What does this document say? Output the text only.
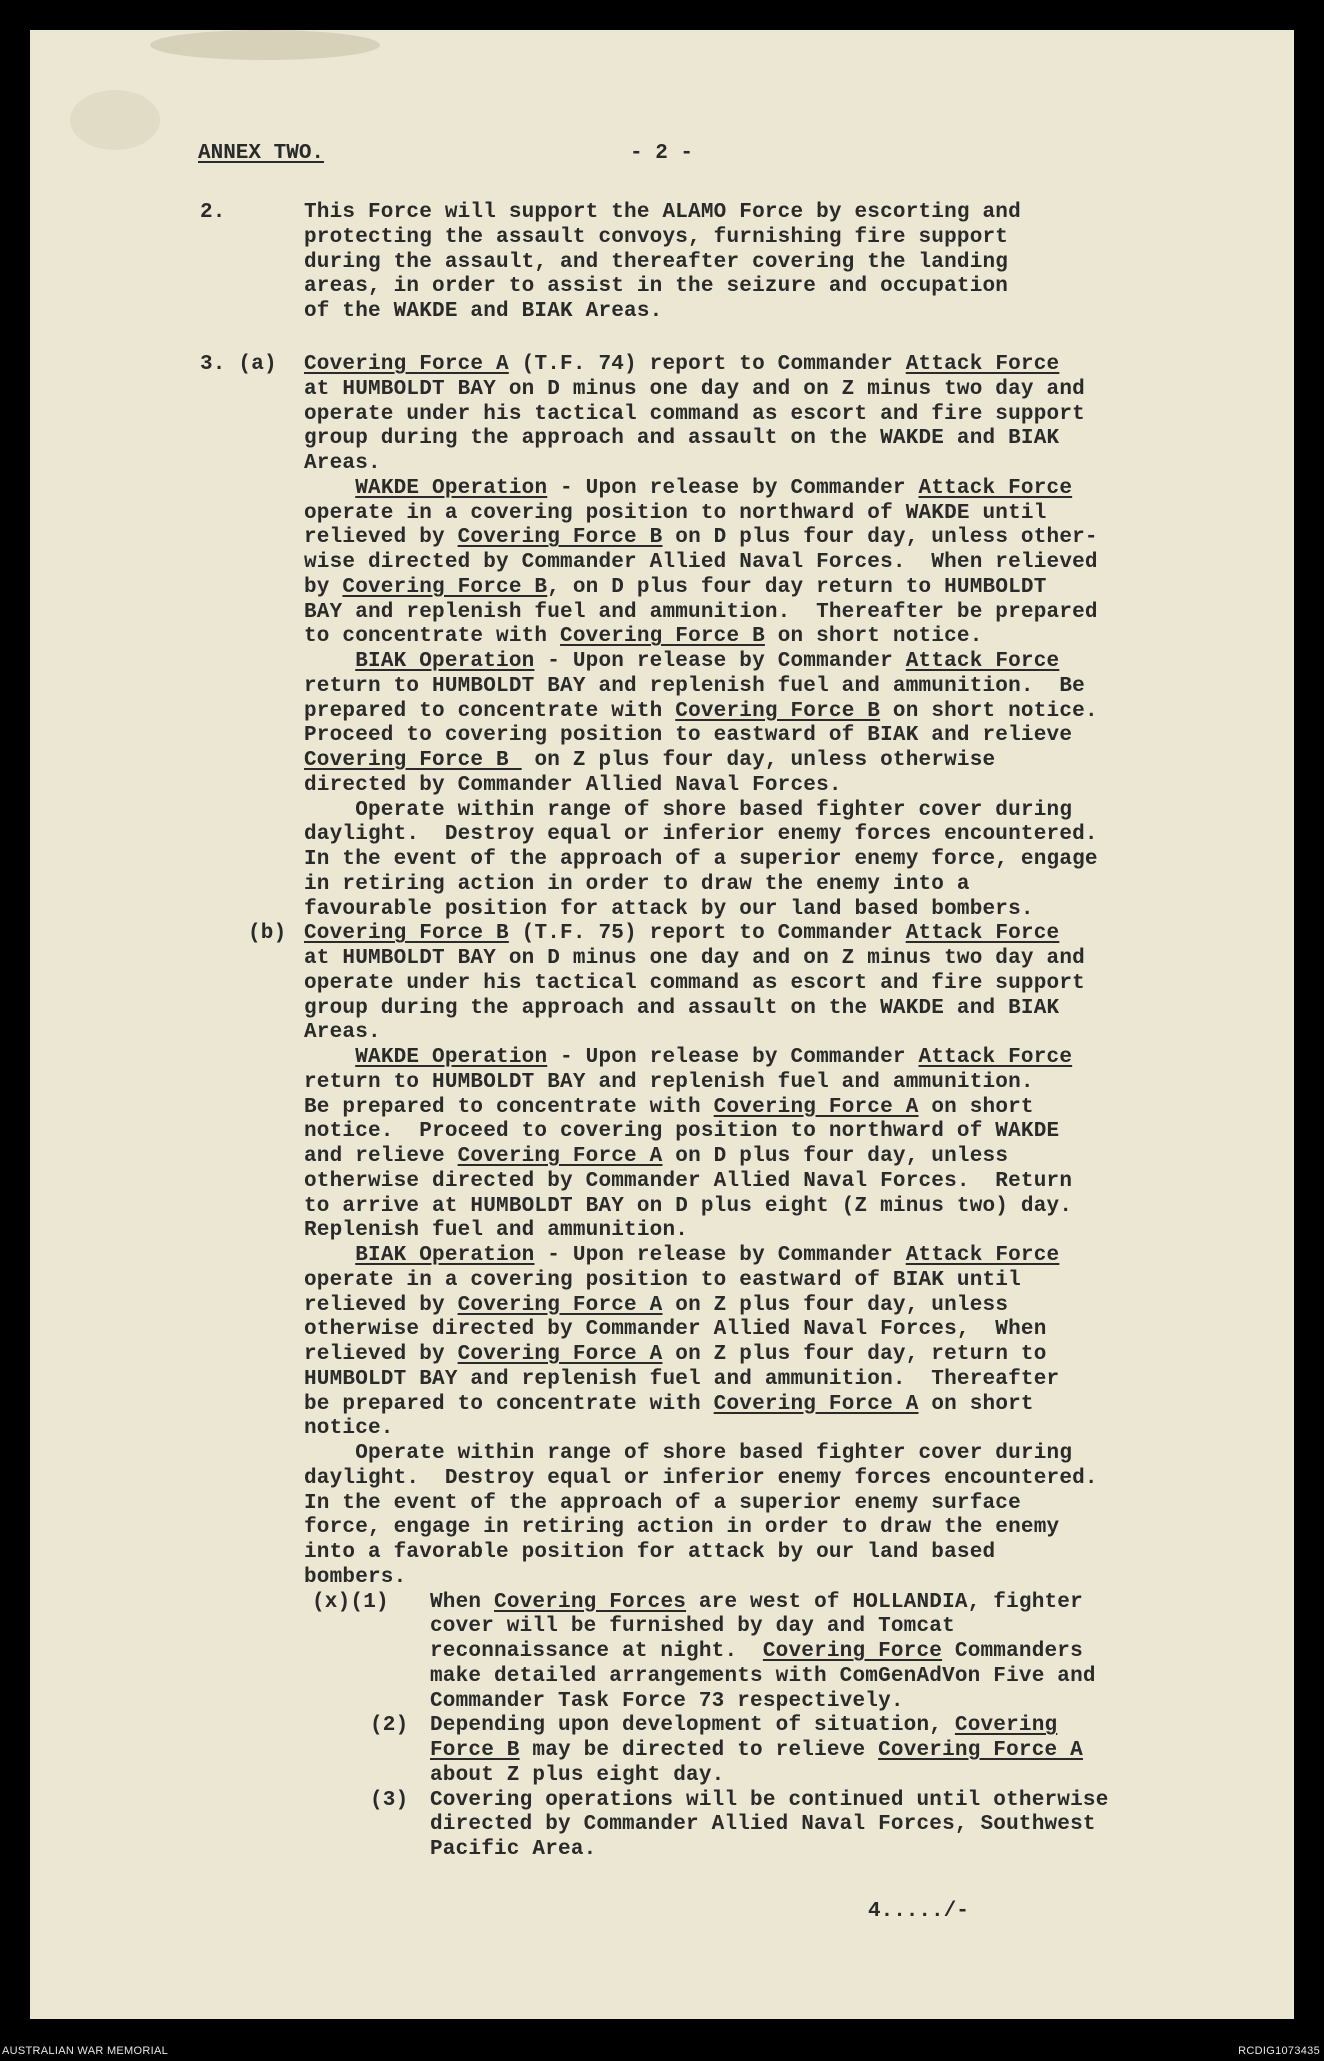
ANNEX TWO.	- 2 -
2.	This Force will support the ALAMO Force by escorting and
protecting the assault convoys, furnishing fire support
during the assault, and thereafter covering the landing
areas, in order to assist in the seizure and occupation
of the WAKDE and BIAK Areas.
3. (a) Covering Force A (T.F. 74) report to Commander Attack Force
at HUMBOLDT BAY on D minus one day and on Z minus two day and
operate under his tactical command as escort and fire support
group during the approach and assault on the WAKDE and BIAK
Areas.
WAKDE Operation - Upon release by Commander Attack Force
operate in a covering position to northward of WAKDE until
relieved by Covering Force B on D plus four day, unless other-
wise directed by Commander Allied Naval Forces.  When relieved
by Covering Force B, on D plus four day return to HUMBOLDT
BAY and replenish fuel and ammunition.  Thereafter be prepared
to concentrate with Covering Force B on short notice.
BIAK Operation - Upon release by Commander Attack Force
return to HUMBOLDT BAY and replenish fuel and ammunition.  Be
prepared to concentrate with Covering Force B on short notice.
Proceed to covering position to eastward of BIAK and relieve
Covering Force B  on Z plus four day, unless otherwise
directed by Commander Allied Naval Forces.
Operate within range of shore based fighter cover during
daylight.  Destroy equal or inferior enemy forces encountered.
In the event of the approach of a superior enemy force, engage
in retiring action in order to draw the enemy into a
favourable position for attack by our land based bombers.
(b) Covering Force B (T.F. 75) report to Commander Attack Force
at HUMBOLDT BAY on D minus one day and on Z minus two day and
operate under his tactical command as escort and fire support
group during the approach and assault on the WAKDE and BIAK
Areas.
WAKDE Operation - Upon release by Commander Attack Force
return to HUMBOLDT BAY and replenish fuel and ammunition.
Be prepared to concentrate with Covering Force A on short
notice.  Proceed to covering position to northward of WAKDE
and relieve Covering Force A on D plus four day, unless
otherwise directed by Commander Allied Naval Forces.  Return
to arrive at HUMBOLDT BAY on D plus eight (Z minus two) day.
Replenish fuel and ammunition.
BIAK Operation - Upon release by Commander Attack Force
operate in a covering position to eastward of BIAK until
relieved by Covering Force A on Z plus four day, unless
otherwise directed by Commander Allied Naval Forces,  When
relieved by Covering Force A on Z plus four day, return to
HUMBOLDT BAY and replenish fuel and ammunition.  Thereafter
be prepared to concentrate with Covering Force A on short
notice.
Operate within range of shore based fighter cover during
daylight.  Destroy equal or inferior enemy forces encountered.
In the event of the approach of a superior enemy surface
force, engage in retiring action in order to draw the enemy
into a favorable position for attack by our land based
bombers.
(x)(1) When Covering Forces are west of HOLLANDIA, fighter
cover will be furnished by day and Tomcat
reconnaissance at night.  Covering Force Commanders
make detailed arrangements with ComGenAdVon Five and
Commander Task Force 73 respectively.
(2) Depending upon development of situation, Covering
Force B may be directed to relieve Covering Force A
about Z plus eight day.
(3) Covering operations will be continued until otherwise
directed by Commander Allied Naval Forces, Southwest
Pacific Area.
4...../-
AUSTRALIAN WAR MEMORIAL	RCDIG1073435
